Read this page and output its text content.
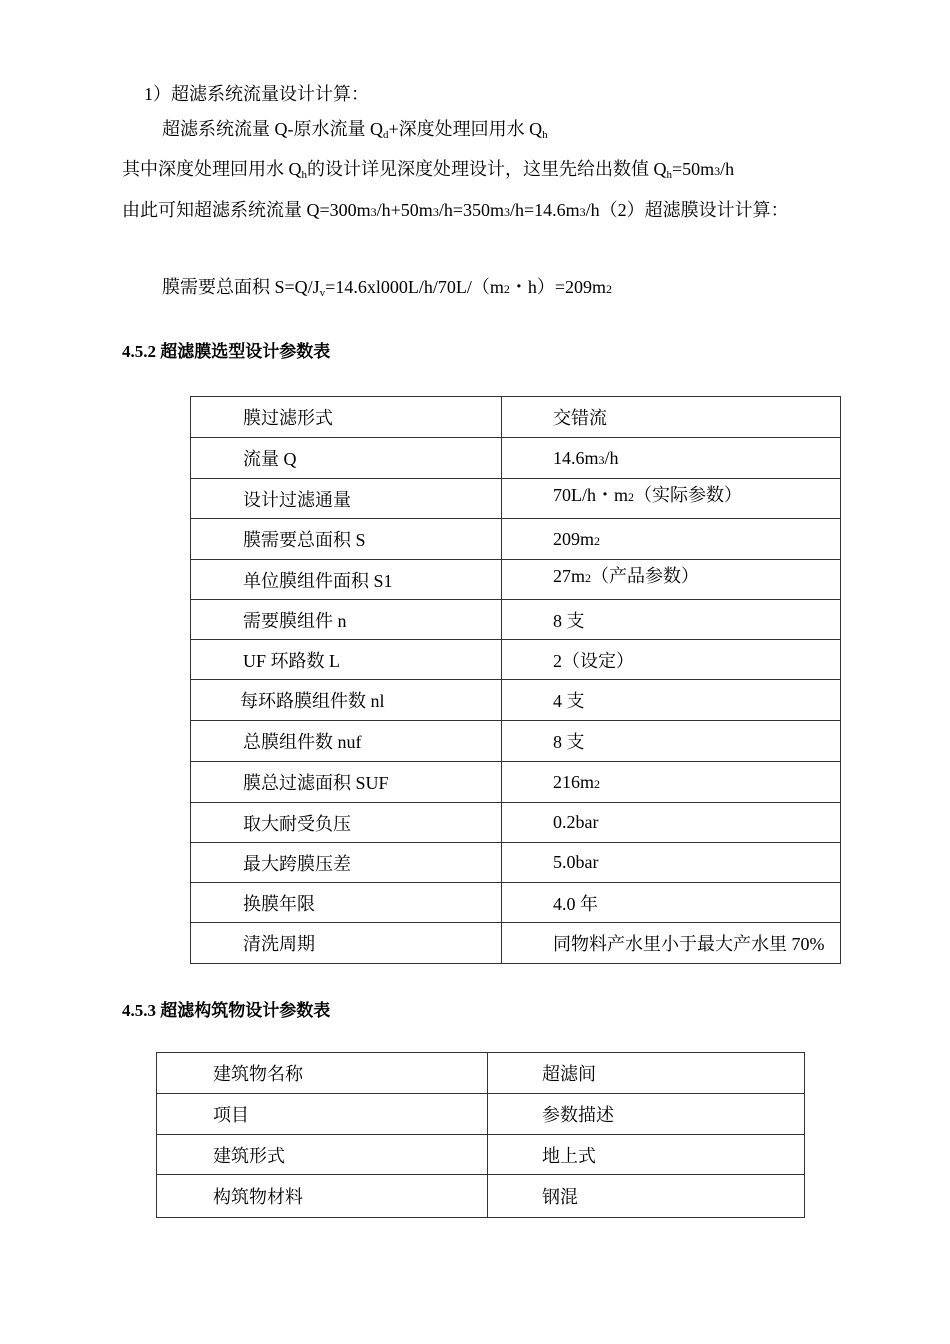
1）超滤系统流量设计计算：
超滤系统流量 Q-原水流量 $Q_d+$深度处理回用水 $Q_h$
其中深度处理回用水 $Q_h$的设计详见深度处理设计，这里先给出数值 $Q_h=50m3/h$
由此可知超滤系统流量 Q=300m3/h+50m3/h=350m3/h=14.6m3/h（2）超滤膜设计计算：
膜需要总面积 $S=Q/J_v=14.6xl000L/h/70L/(m2$・h）=209m2
4.5.2 超滤膜选型设计参数表
膜过滤形式	交错流
流量 Q	14.6m3/h
设计过滤通量	70L/h・m2（实际参数）
膜需要总面积 S	209m2
单位膜组件面积 S1	27m2（产品参数）
需要膜组件 n	8 支
UF 环路数 L	2（设定）
每环路膜组件数 nl	4 支
总膜组件数 nuf	8 支
膜总过滤面积 SUF	216m2
取大耐受负压	0.2bar
最大跨膜压差	5.0bar
换膜年限	4.0 年
清洗周期	同物料产水里小于最大产水里 70%
4.5.3 超滤构筑物设计参数表
建筑物名称	超滤间
项目	参数描述
建筑形式	地上式
构筑物材料	钢混
